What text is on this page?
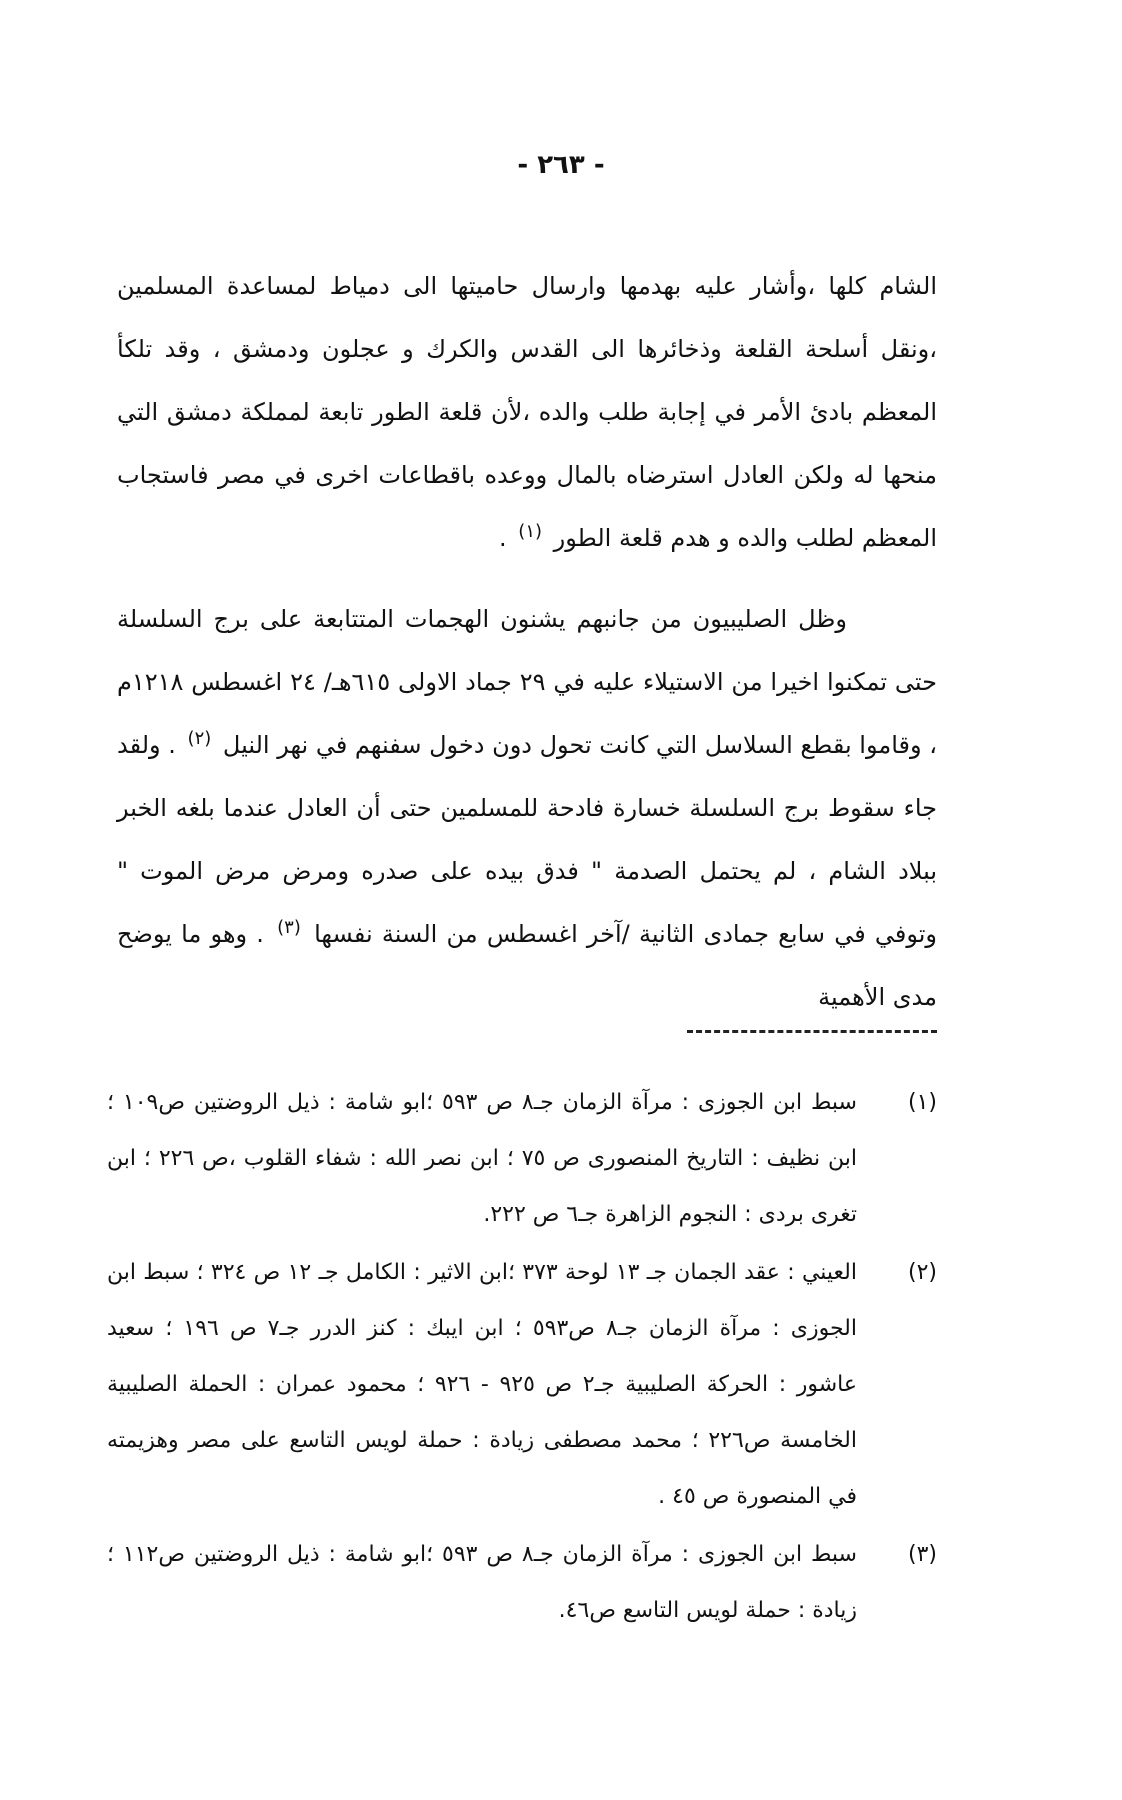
- ٢٦٣ -

الشام كلها ،وأشار عليه بهدمها وارسال حاميتها الى دمياط لمساعدة المسلمين ،ونقل أسلحة القلعة وذخائرها الى القدس والكرك و عجلون ودمشق ، وقد تلكأ المعظم بادئ الأمر في إجابة طلب والده ،لأن قلعة الطور تابعة لمملكة دمشق التي منحها له ولكن العادل استرضاه بالمال ووعده باقطاعات اخرى في مصر فاستجاب المعظم لطلب والده و هدم قلعة الطور $^{(١)}$ .

وظل الصليبيون من جانبهم يشنون الهجمات المتتابعة على برج السلسلة حتى تمكنوا اخيرا من الاستيلاء عليه في ٢٩ جماد الاولى ٦١٥هـ/ ٢٤ اغسطس ١٢١٨م ، وقاموا بقطع السلاسل التي كانت تحول دون دخول سفنهم في نهر النيل $^{(٢)}$ . ولقد جاء سقوط برج السلسلة خسارة فادحة للمسلمين حتى أن العادل عندما بلغه الخبر ببلاد الشام ، لم يحتمل الصدمة " فدق بيده على صدره ومرض مرض الموت " وتوفي في سابع جمادى الثانية /آخر اغسطس من السنة نفسها $^{(٣)}$ . وهو ما يوضح مدى الأهمية

(١)
سبط ابن الجوزى : مرآة الزمان جـ٨ ص ٥٩٣ ؛ابو شامة : ذيل الروضتين ص١٠٩ ؛ابن نظيف : التاريخ المنصورى ص ٧٥ ؛ ابن نصر الله : شفاء القلوب ،ص ٢٢٦ ؛ ابن تغرى بردى : النجوم الزاهرة جـ٦ ص ٢٢٢.
(٢)
العيني : عقد الجمان جـ ١٣ لوحة ٣٧٣ ؛ابن الاثير : الكامل جـ ١٢ ص ٣٢٤ ؛ سبط ابن الجوزى : مرآة الزمان جـ٨ ص٥٩٣ ؛ ابن ايبك : كنز الدرر جـ٧ ص ١٩٦ ؛ سعيد عاشور : الحركة الصليبية جـ٢ ص ٩٢٥ - ٩٢٦ ؛ محمود عمران : الحملة الصليبية الخامسة ص٢٢٦ ؛ محمد مصطفى زيادة : حملة لويس التاسع على مصر وهزيمته في المنصورة ص ٤٥ .
(٣)
سبط ابن الجوزى : مرآة الزمان جـ٨ ص ٥٩٣ ؛ابو شامة : ذيل الروضتين ص١١٢ ؛زيادة : حملة لويس التاسع ص٤٦.
